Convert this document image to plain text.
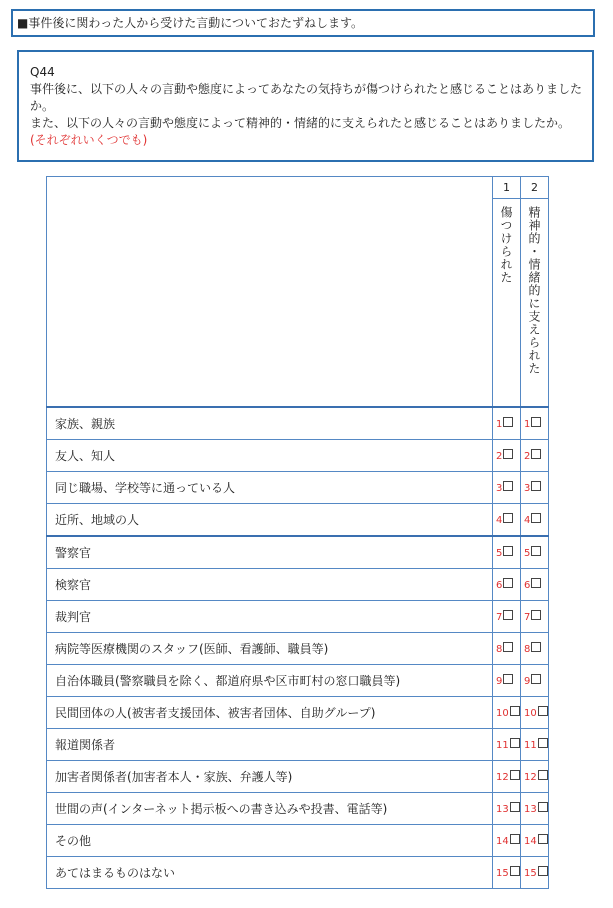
■事件後に関わった人から受けた言動についておたずねします。
Q44
事件後に、以下の人々の言動や態度によってあなたの気持ちが傷つけられたと感じることはありましたか。
また、以下の人々の言動や態度によって精神的・情緒的に支えられたと感じることはありましたか。(それぞれいくつでも)
	1	2

	傷つけられた	精神的・情緒的に支えられた

家族、親族	1	1
友人、知人	2	2
同じ職場、学校等に通っている人	3	3
近所、地域の人	4	4
警察官	5	5
検察官	6	6
裁判官	7	7
病院等医療機関のスタッフ(医師、看護師、職員等)	8	8
自治体職員(警察職員を除く、都道府県や区市町村の窓口職員等)	9	9
民間団体の人(被害者支援団体、被害者団体、自助グループ)	10	10
報道関係者	11	11
加害者関係者(加害者本人・家族、弁護人等)	12	12
世間の声(インターネット掲示板への書き込みや投書、電話等)	13	13
その他	14	14
あてはまるものはない	15	15
